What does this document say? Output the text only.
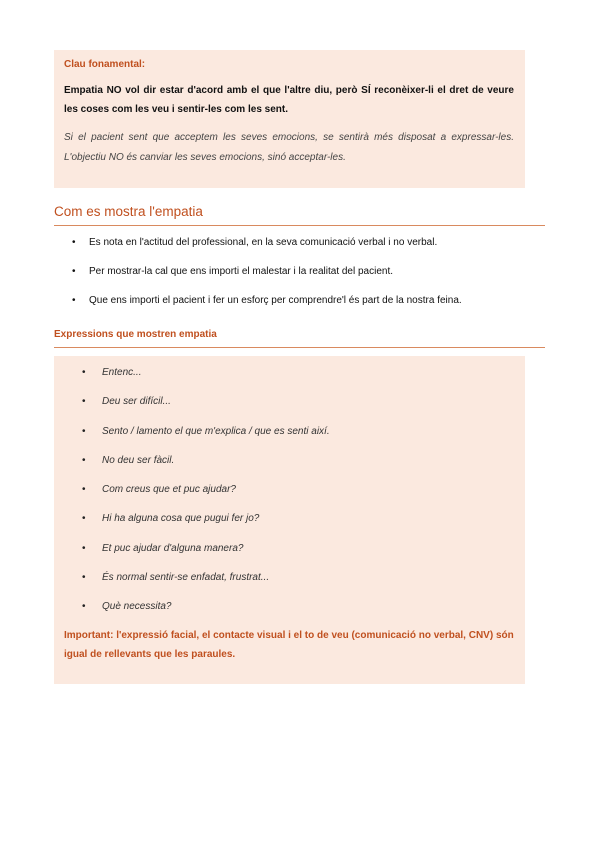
Clau fonamental:

Empatia NO vol dir estar d'acord amb el que l'altre diu, però SÍ reconèixer-li el dret de veure les coses com les veu i sentir-les com les sent.

Si el pacient sent que acceptem les seves emocions, se sentirà més disposat a expressar-les. L'objectiu NO és canviar les seves emocions, sinó acceptar-les.

Com es mostra l'empatia
• Es nota en l'actitud del professional, en la seva comunicació verbal i no verbal.
• Per mostrar-la cal que ens importi el malestar i la realitat del pacient.
• Que ens importi el pacient i fer un esforç per comprendre'l és part de la nostra feina.
Expressions que mostren empatia
• Entenc...
• Deu ser difícil...
• Sento / lamento el que m'explica / que es senti així.
• No deu ser fàcil.
• Com creus que et puc ajudar?
• Hi ha alguna cosa que pugui fer jo?
• Et puc ajudar d'alguna manera?
• És normal sentir-se enfadat, frustrat...
• Què necessita?

Important: l'expressió facial, el contacte visual i el to de veu (comunicació no verbal, CNV) són igual de rellevants que les paraules.
